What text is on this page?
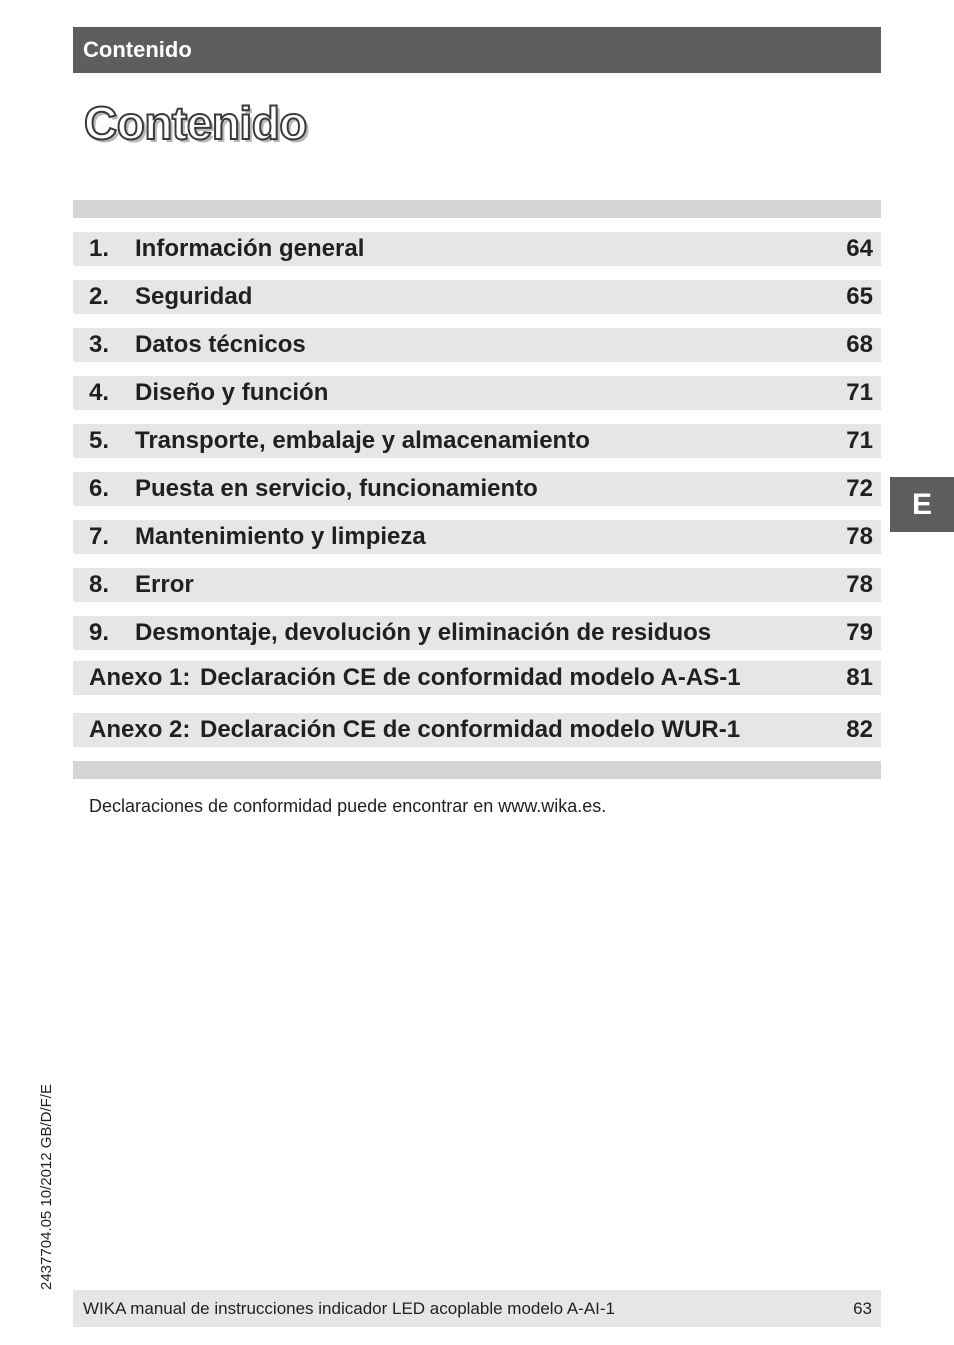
Contenido
Contenido
1. Información general	64
2. Seguridad	65
3. Datos técnicos	68
4. Diseño y función	71
5. Transporte, embalaje y almacenamiento	71
6. Puesta en servicio, funcionamiento	72
7. Mantenimiento y limpieza	78
8. Error	78
9. Desmontaje, devolución y eliminación de residuos	79
Anexo 1: Declaración CE de conformidad modelo A-AS-1	81
Anexo 2: Declaración CE de conformidad modelo WUR-1	82
Declaraciones de conformidad puede encontrar en www.wika.es.
E
2437704.05 10/2012 GB/D/F/E
WIKA manual de instrucciones indicador LED acoplable modelo A-AI-1	63
